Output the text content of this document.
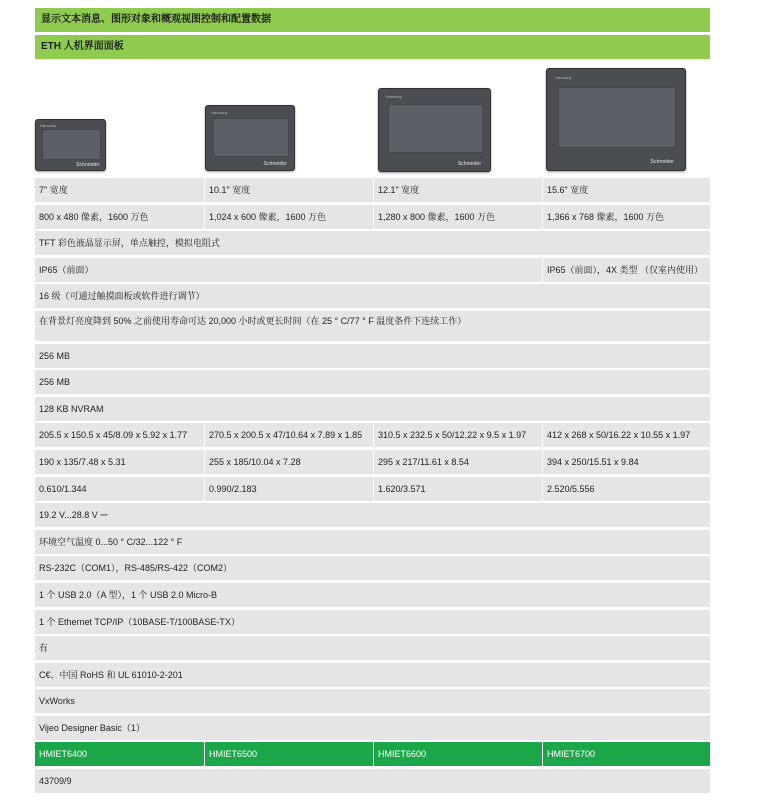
显示文本消息、图形对象和概观视图控制和配置数据
ETH 人机界面面板
Harmony
Schneider
Harmony
Schneider
Harmony
Schneider
Harmony
Schneider
7" 宽度	10.1" 宽度	12.1" 宽度	15.6" 宽度
800 x 480 像素，1600 万色	1,024 x 600 像素，1600 万色	1,280 x 800 像素，1600 万色	1,366 x 768 像素，1600 万色
TFT 彩色液晶显示屏，单点触控，模拟电阻式
IP65（前面）	IP65（前面），4X 类型 （仅室内使用）
16 级（可通过触摸面板或软件进行调节）
在背景灯亮度降到 50% 之前使用寿命可达 20,000 小时或更长时间（在 25 ° C/77 ° F 温度条件下连续工作）
256 MB
256 MB
128 KB NVRAM
205.5 x 150.5 x 45/8.09 x 5.92 x 1.77	270.5 x 200.5 x 47/10.64 x 7.89 x 1.85	310.5 x 232.5 x 50/12.22 x 9.5 x 1.97	412 x 268 x 50/16.22 x 10.55 x 1.97
190 x 135/7.48 x 5.31	255 x 185/10.04 x 7.28	295 x 217/11.61 x 8.54	394 x 250/15.51 x 9.84
0.610/1.344	0.990/2.183	1.620/3.571	2.520/5.556
19.2 V...28.8 V ⎓
环境空气温度 0...50 ° C/32...122 ° F
RS-232C（COM1），RS-485/RS-422（COM2）
1 个 USB 2.0（A 型），1 个 USB 2.0 Micro-B
1 个 Ethernet TCP/IP（10BASE-T/100BASE-TX）
有
C€、中国 RoHS 和 UL 61010-2-201
VxWorks
Vijeo Designer Basic（1）
HMIET6400	HMIET6500	HMIET6600	HMIET6700
43709/9
